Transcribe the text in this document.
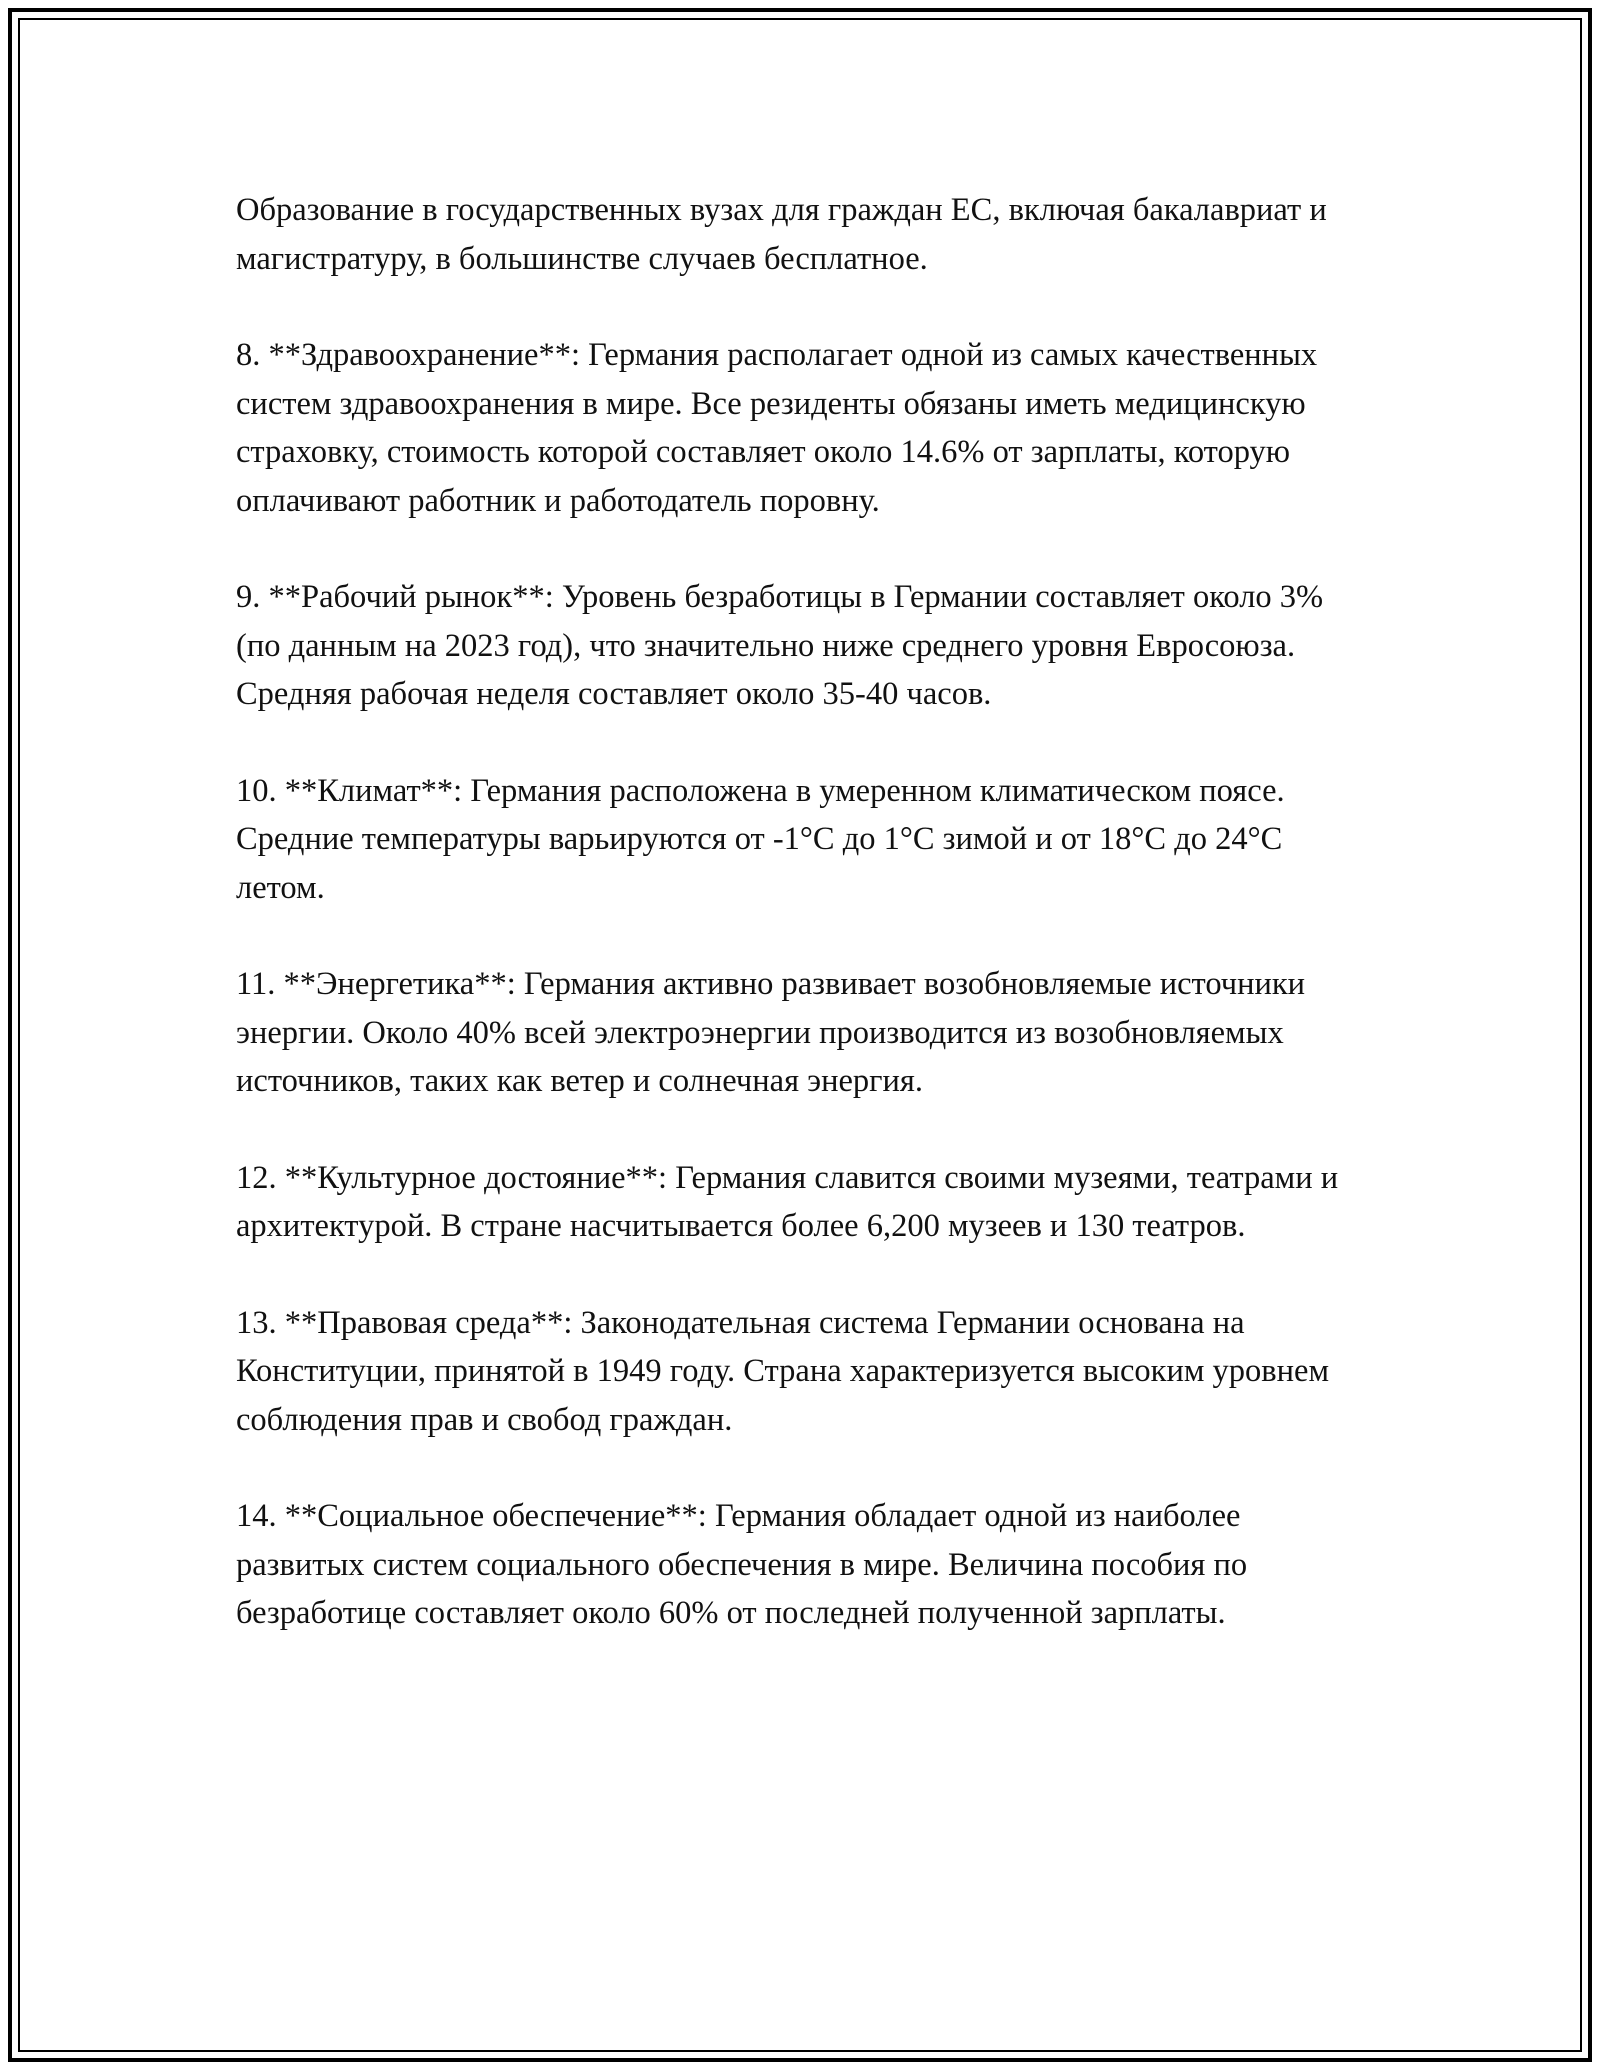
Образование в государственных вузах для граждан ЕС, включая бакалавриат и магистратуру, в большинстве случаев бесплатное.

8. **Здравоохранение**: Германия располагает одной из самых качественных систем здравоохранения в мире. Все резиденты обязаны иметь медицинскую страховку, стоимость которой составляет около 14.6% от зарплаты, которую оплачивают работник и работодатель поровну.

9. **Рабочий рынок**: Уровень безработицы в Германии составляет около 3% (по данным на 2023 год), что значительно ниже среднего уровня Евросоюза. Средняя рабочая неделя составляет около 35-40 часов.

10. **Климат**: Германия расположена в умеренном климатическом поясе. Средние температуры варьируются от -1°C до 1°C зимой и от 18°C до 24°C летом.

11. **Энергетика**: Германия активно развивает возобновляемые источники энергии. Около 40% всей электроэнергии производится из возобновляемых источников, таких как ветер и солнечная энергия.

12. **Культурное достояние**: Германия славится своими музеями, театрами и архитектурой. В стране насчитывается более 6,200 музеев и 130 театров.

13. **Правовая среда**: Законодательная система Германии основана на Конституции, принятой в 1949 году. Страна характеризуется высоким уровнем соблюдения прав и свобод граждан.

14. **Социальное обеспечение**: Германия обладает одной из наиболее развитых систем социального обеспечения в мире. Величина пособия по безработице составляет около 60% от последней полученной зарплаты.
